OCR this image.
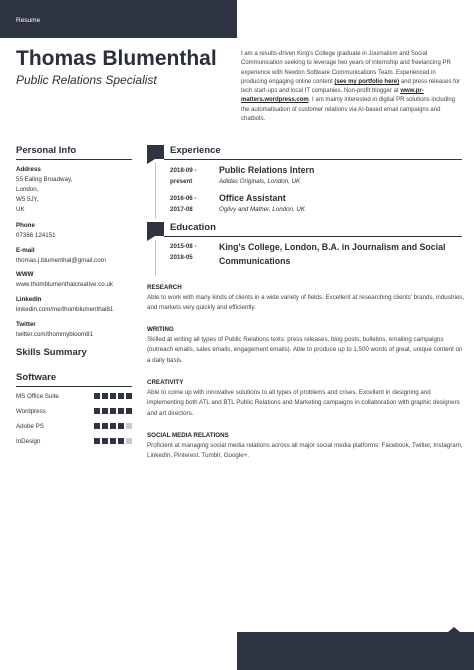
Resume
Thomas Blumenthal
Public Relations Specialist
I am a results-driven King's College graduate in Journalism and Social Communication seeking to leverage two years of internship and freelancing PR experience with Newton Software Communications Team. Experienced in producing engaging online content (see my portfolio here) and press releases for tech start-ups and local IT companies. Non-profit blogger at www.pr-matters.wordpress.com. I am mainly interested in digital PR solutions including the automatisation of customer relations via AI-based email campaigns and chatbots.
Personal Info
Address
55 Ealing Broadway,
London,
W5 5JY,
UK
Phone
07366 124151
E-mail
thomas.j.blumenthal@gmail.com
WWW
www.thomblumenthalcreative.co.uk
LinkedIn
linkedin.com/me/thomblumenthal81
Twitter
twitter.com/thommybloom81
Skills Summary
Software
MS Office Suite
Wordpress
Adobe PS
InDesign
Experience
2018-09 -
present
Public Relations Intern
Adidas Originals, London, UK
2016-06 -
2017-08
Office Assistant
Ogilvy and Mather, London, UK
Education
2015-08 -
2018-05
King's College, London, B.A. in Journalism and Social Communications
RESEARCH
Able to work with many kinds of clients in a wide variety of fields. Excellent at researching clients' brands, industries, and markets very quickly and efficiently.
WRITING
Skilled at writing all types of Public Relations texts: press releases, blog posts, bulletins, emailing campaigns (outreach emails, sales emails, engagement emails). Able to produce up to 1,500 words of great, unique content on a daily basis.
CREATIVITY
Able to come up with innovative solutions to all types of problems and crises. Excellent in designing and implementing both ATL and BTL Public Relations and Marketing campaigns in collaboration with graphic designers and art directors.
SOCIAL MEDIA RELATIONS
Proficient at managing social media relations across all major social media platforms: Facebook, Twitter, Instagram, LinkedIn, Pinterest, Tumblr, Google+.
